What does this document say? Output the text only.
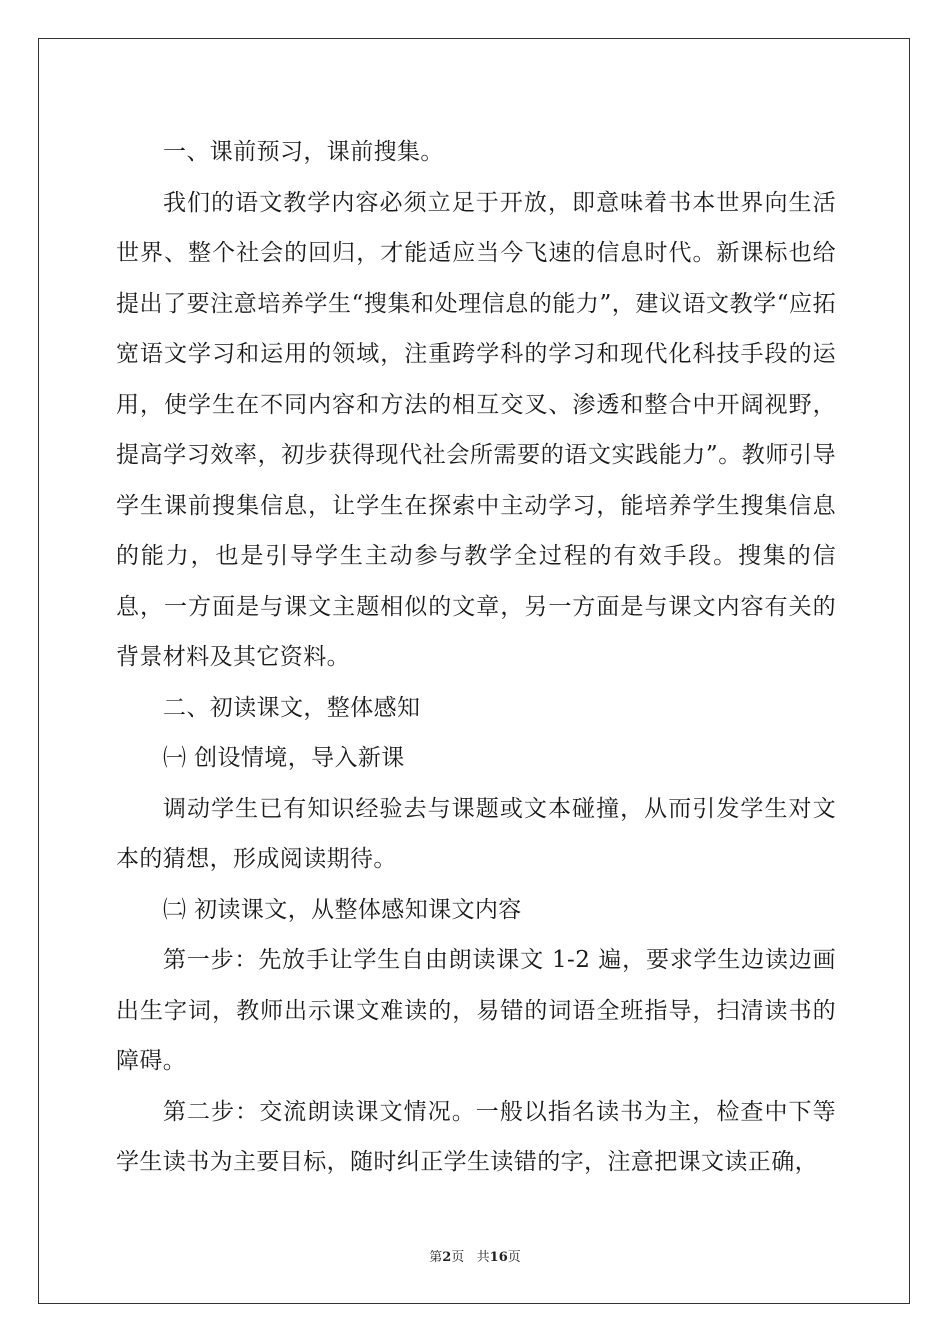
一、课前预习，课前搜集。

我们的语文教学内容必须立足于开放，即意味着书本世界向生活世界、整个社会的回归，才能适应当今飞速的信息时代。新课标也给提出了要注意培养学生“搜集和处理信息的能力”，建议语文教学“应拓宽语文学习和运用的领域，注重跨学科的学习和现代化科技手段的运用，使学生在不同内容和方法的相互交叉、渗透和整合中开阔视野，提高学习效率，初步获得现代社会所需要的语文实践能力”。教师引导学生课前搜集信息，让学生在探索中主动学习，能培养学生搜集信息的能力，也是引导学生主动参与教学全过程的有效手段。搜集的信息，一方面是与课文主题相似的文章，另一方面是与课文内容有关的背景材料及其它资料。

二、初读课文，整体感知

㈠ 创设情境，导入新课

调动学生已有知识经验去与课题或文本碰撞，从而引发学生对文本的猜想，形成阅读期待。

㈡ 初读课文，从整体感知课文内容

第一步：先放手让学生自由朗读课文 1-2 遍，要求学生边读边画出生字词，教师出示课文难读的，易错的词语全班指导，扫清读书的障碍。

第二步：交流朗读课文情况。一般以指名读书为主，检查中下等学生读书为主要目标，随时纠正学生读错的字，注意把课文读正确，

第2页   共16页
